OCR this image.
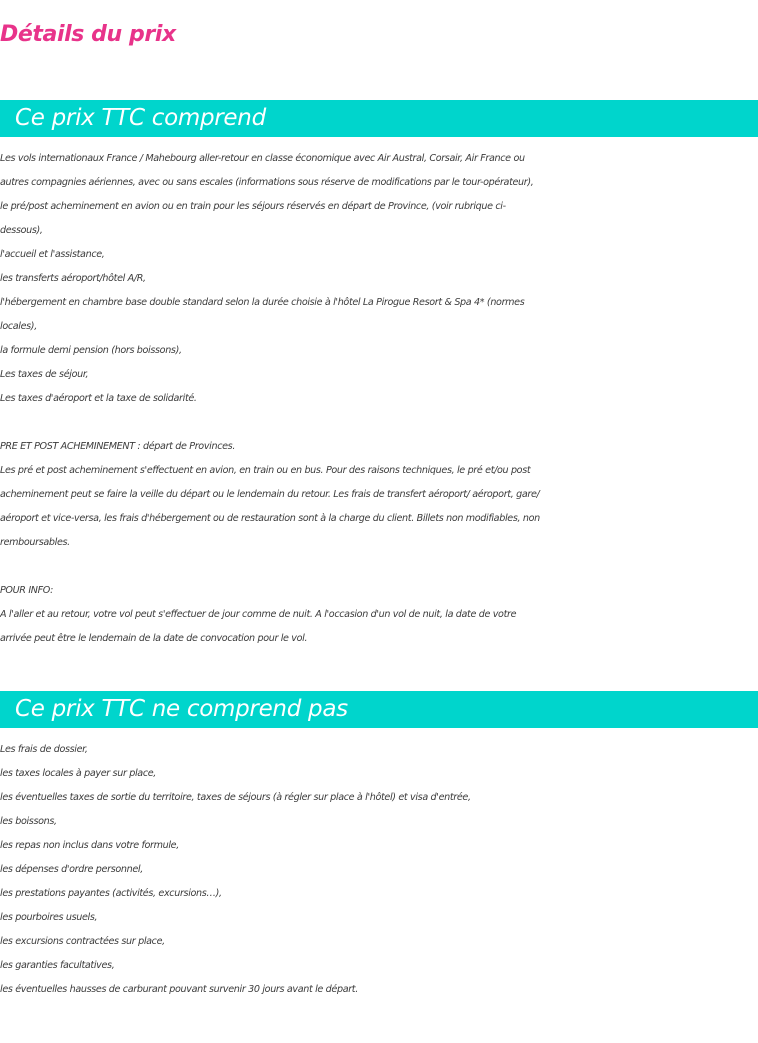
Détails du prix
Ce prix TTC comprend
Les vols internationaux France / Mahebourg aller-retour en classe économique avec Air Austral, Corsair, Air France ou
autres compagnies aériennes, avec ou sans escales (informations sous réserve de modifications par le tour-opérateur),
le pré/post acheminement en avion ou en train pour les séjours réservés en départ de Province, (voir rubrique ci-
dessous),
l'accueil et l'assistance,
les transferts aéroport/hôtel A/R,
l'hébergement en chambre base double standard selon la durée choisie à l'hôtel La Pirogue Resort & Spa 4* (normes
locales),
la formule demi pension (hors boissons),
Les taxes de séjour,
Les taxes d'aéroport et la taxe de solidarité.
PRE ET POST ACHEMINEMENT : départ de Provinces.
Les pré et post acheminement s'effectuent en avion, en train ou en bus. Pour des raisons techniques, le pré et/ou post
acheminement peut se faire la veille du départ ou le lendemain du retour. Les frais de transfert aéroport/ aéroport, gare/
aéroport et vice-versa, les frais d'hébergement ou de restauration sont à la charge du client. Billets non modifiables, non
remboursables.
POUR INFO:
A l'aller et au retour, votre vol peut s'effectuer de jour comme de nuit. A l'occasion d'un vol de nuit, la date de votre
arrivée peut être le lendemain de la date de convocation pour le vol.
Ce prix TTC ne comprend pas
Les frais de dossier,
les taxes locales à payer sur place,
les éventuelles taxes de sortie du territoire, taxes de séjours (à régler sur place à l'hôtel) et visa d'entrée,
les boissons,
les repas non inclus dans votre formule,
les dépenses d'ordre personnel,
les prestations payantes (activités, excursions…),
les pourboires usuels,
les excursions contractées sur place,
les garanties facultatives,
les éventuelles hausses de carburant pouvant survenir 30 jours avant le départ.
